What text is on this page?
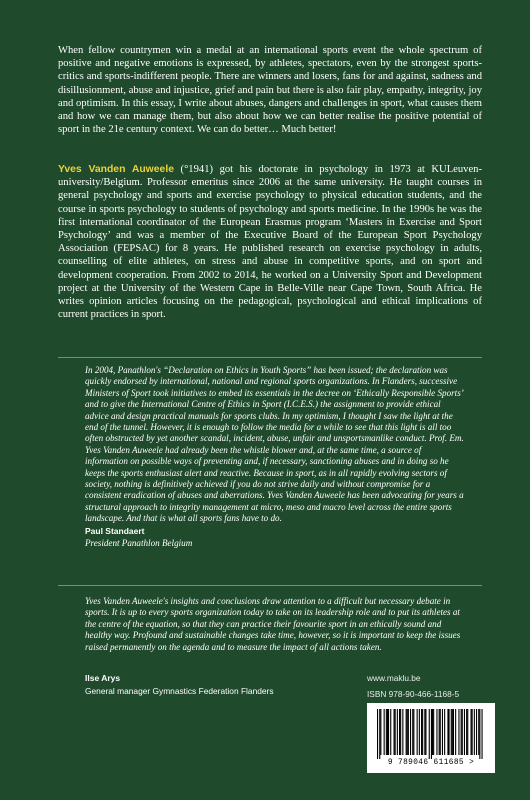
When fellow countrymen win a medal at an international sports event the whole spectrum of positive and negative emotions is expressed, by athletes, spectators, even by the strongest sports-critics and sports-indifferent people. There are winners and losers, fans for and against, sadness and disillusionment, abuse and injustice, grief and pain but there is also fair play, empathy, integrity, joy and optimism. In this essay, I write about abuses, dangers and challenges in sport, what causes them and how we can manage them, but also about how we can better realise the positive potential of sport in the 21e century context. We can do better… Much better!

Yves Vanden Auweele (°1941) got his doctorate in psychology in 1973 at KULeuven-university/Belgium. Professor emeritus since 2006 at the same university. He taught courses in general psychology and sports and exercise psychology to physical education students, and the course in sports psychology to students of psychology and sports medicine. In the 1990s he was the first international coordinator of the European Erasmus program ‘Masters in Exercise and Sport Psychology’ and was a member of the Executive Board of the European Sport Psychology Association (FEPSAC) for 8 years. He published research on exercise psychology in adults, counselling of elite athletes, on stress and abuse in competitive sports, and on sport and development cooperation. From 2002 to 2014, he worked on a University Sport and Development project at the University of the Western Cape in Belle-Ville near Cape Town, South Africa. He writes opinion articles focusing on the pedagogical, psychological and ethical implications of current practices in sport.

In 2004, Panathlon's “Declaration on Ethics in Youth Sports” has been issued; the declaration was quickly endorsed by international, national and regional sports organizations. In Flanders, successive Ministers of Sport took initiatives to embed its essentials in the decree on ‘Ethically Responsible Sports’ and to give the International Centre of Ethics in Sport (I.C.E.S.) the assignment to provide ethical advice and design practical manuals for sports clubs. In my optimism, I thought I saw the light at the end of the tunnel. However, it is enough to follow the media for a while to see that this light is all too often obstructed by yet another scandal, incident, abuse, unfair and unsportsmanlike conduct. Prof. Em. Yves Vanden Auweele had already been the whistle blower and, at the same time, a source of information on possible ways of preventing and, if necessary, sanctioning abuses and in doing so he keeps the sports enthusiast alert and reactive. Because in sport, as in all rapidly evolving sectors of society, nothing is definitively achieved if you do not strive daily and without compromise for a consistent eradication of abuses and aberrations. Yves Vanden Auweele has been advocating for years a structural approach to integrity management at micro, meso and macro level across the entire sports landscape. And that is what all sports fans have to do.

Paul Standaert
President Panathlon Belgium

Yves Vanden Auweele's insights and conclusions draw attention to a difficult but necessary debate in sports. It is up to every sports organization today to take on its leadership role and to put its athletes at the centre of the equation, so that they can practice their favourite sport in an ethically sound and healthy way. Profound and sustainable changes take time, however, so it is important to keep the issues raised permanently on the agenda and to measure the impact of all actions taken.

Ilse Arys
General manager Gymnastics Federation Flanders
www.maklu.be
ISBN 978-90-466-1168-5
9 789046 611685 >
